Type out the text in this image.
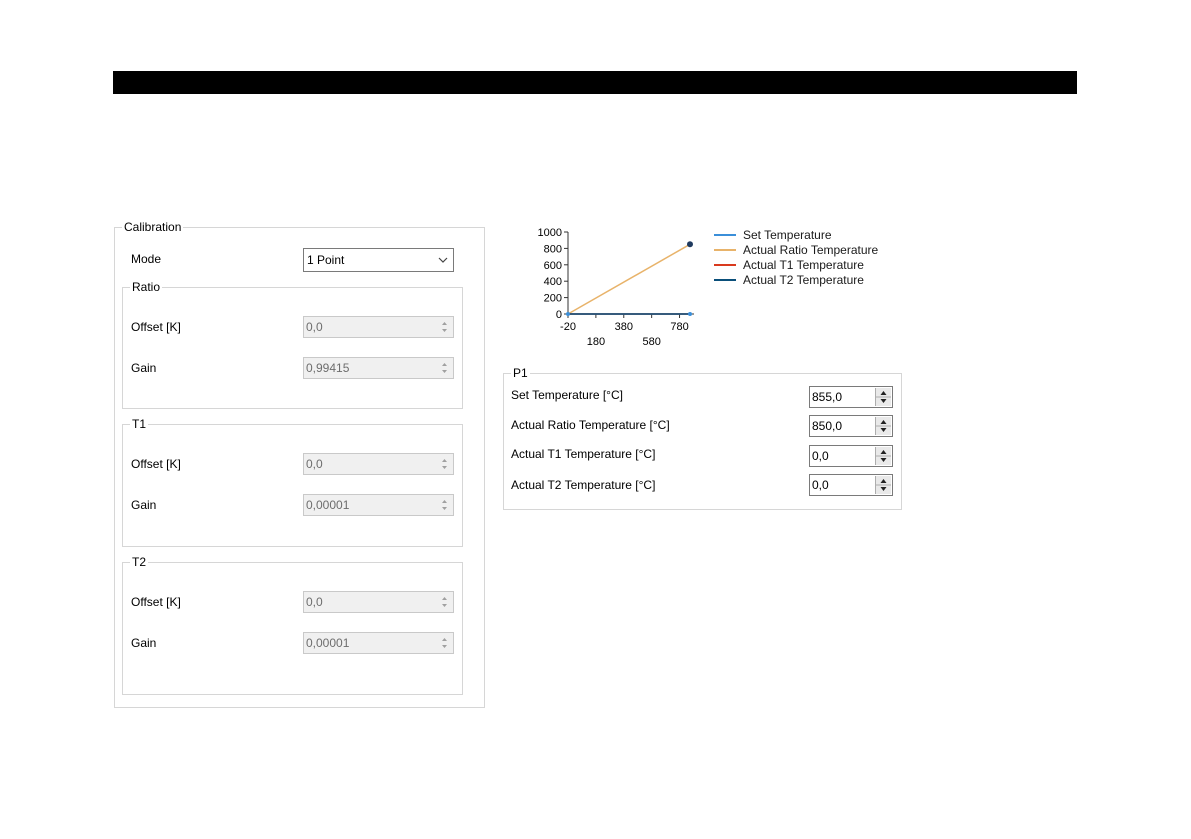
Calibration
Mode	1 Point
Ratio
Offset [K]	0,0
Gain	0,99415
T1
Offset [K]	0,0
Gain	0,00001
T2
Offset [K]	0,0
Gain	0,00001
0
200
400
600
800
1000
-20
180
380
580
780
Set Temperature
Actual Ratio Temperature
Actual T1 Temperature
Actual T2 Temperature
P1
Set Temperature [°C]	855,0
Actual Ratio Temperature [°C]	850,0
Actual T1 Temperature [°C]	0,0
Actual T2 Temperature [°C]	0,0
